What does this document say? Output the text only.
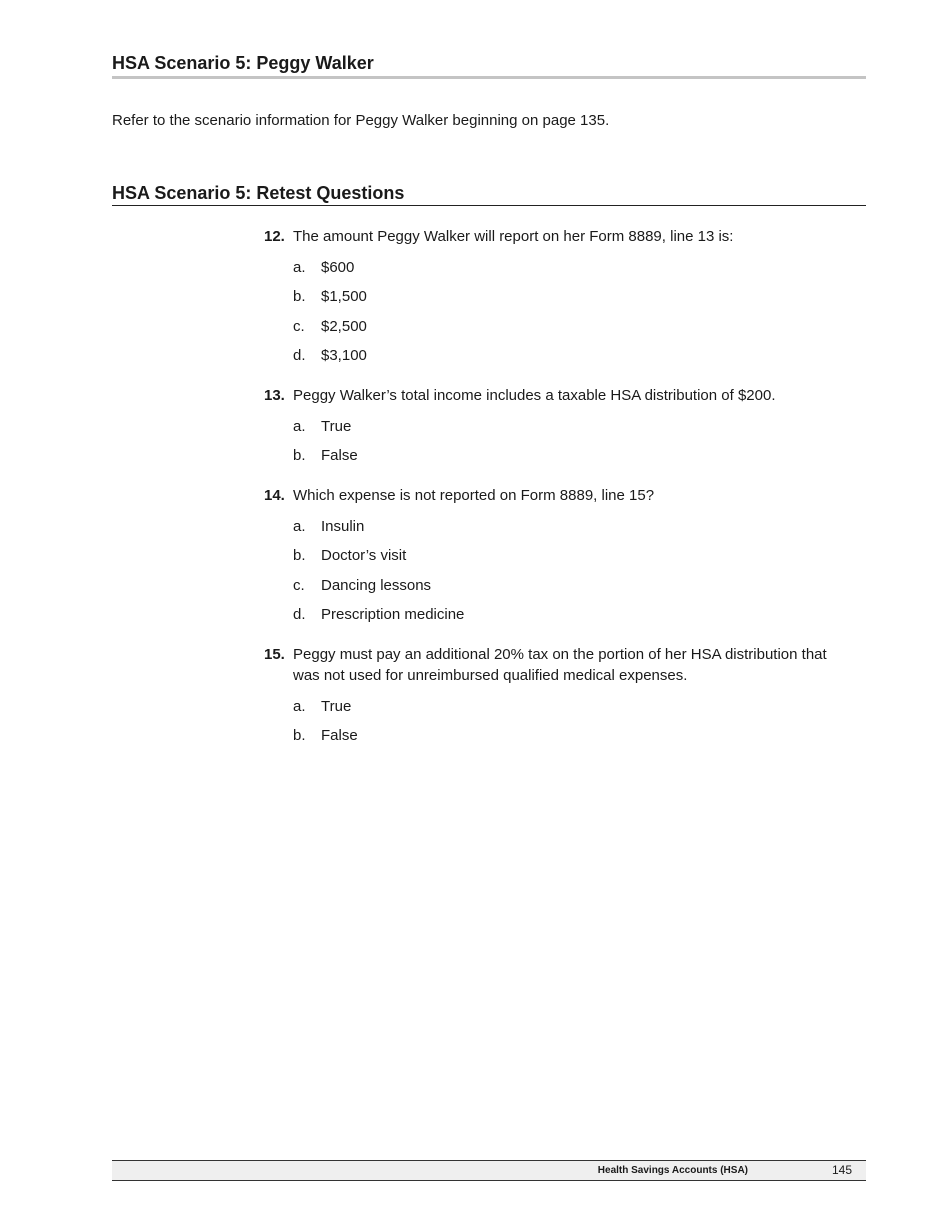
HSA Scenario 5: Peggy Walker
Refer to the scenario information for Peggy Walker beginning on page 135.
HSA Scenario 5: Retest Questions
12. The amount Peggy Walker will report on her Form 8889, line 13 is:
a.	$600
b.	$1,500
c.	$2,500
d.	$3,100
13. Peggy Walker’s total income includes a taxable HSA distribution of $200.
a.	True
b.	False
14. Which expense is not reported on Form 8889, line 15?
a.	Insulin
b.	Doctor’s visit
c.	Dancing lessons
d.	Prescription medicine
15. Peggy must pay an additional 20% tax on the portion of her HSA distribution that was not used for unreimbursed qualified medical expenses.
a.	True
b.	False
Health Savings Accounts (HSA)	145
